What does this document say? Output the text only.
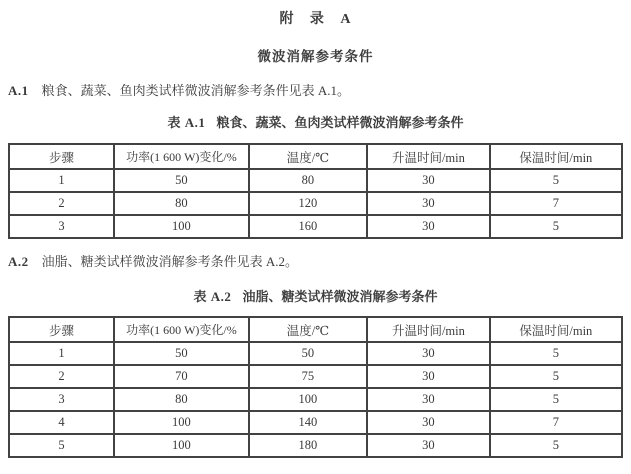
附 录 A
微波消解参考条件
A.1 粮食、蔬菜、鱼肉类试样微波消解参考条件见表 A.1。
表 A.1 粮食、蔬菜、鱼肉类试样微波消解参考条件
步骤	功率(1 600 W)变化/%	温度/℃	升温时间/min	保温时间/min
1	50	80	30	5
2	80	120	30	7
3	100	160	30	5
A.2 油脂、糖类试样微波消解参考条件见表 A.2。
表 A.2 油脂、糖类试样微波消解参考条件
步骤	功率(1 600 W)变化/%	温度/℃	升温时间/min	保温时间/min
1	50	50	30	5
2	70	75	30	5
3	80	100	30	5
4	100	140	30	7
5	100	180	30	5
